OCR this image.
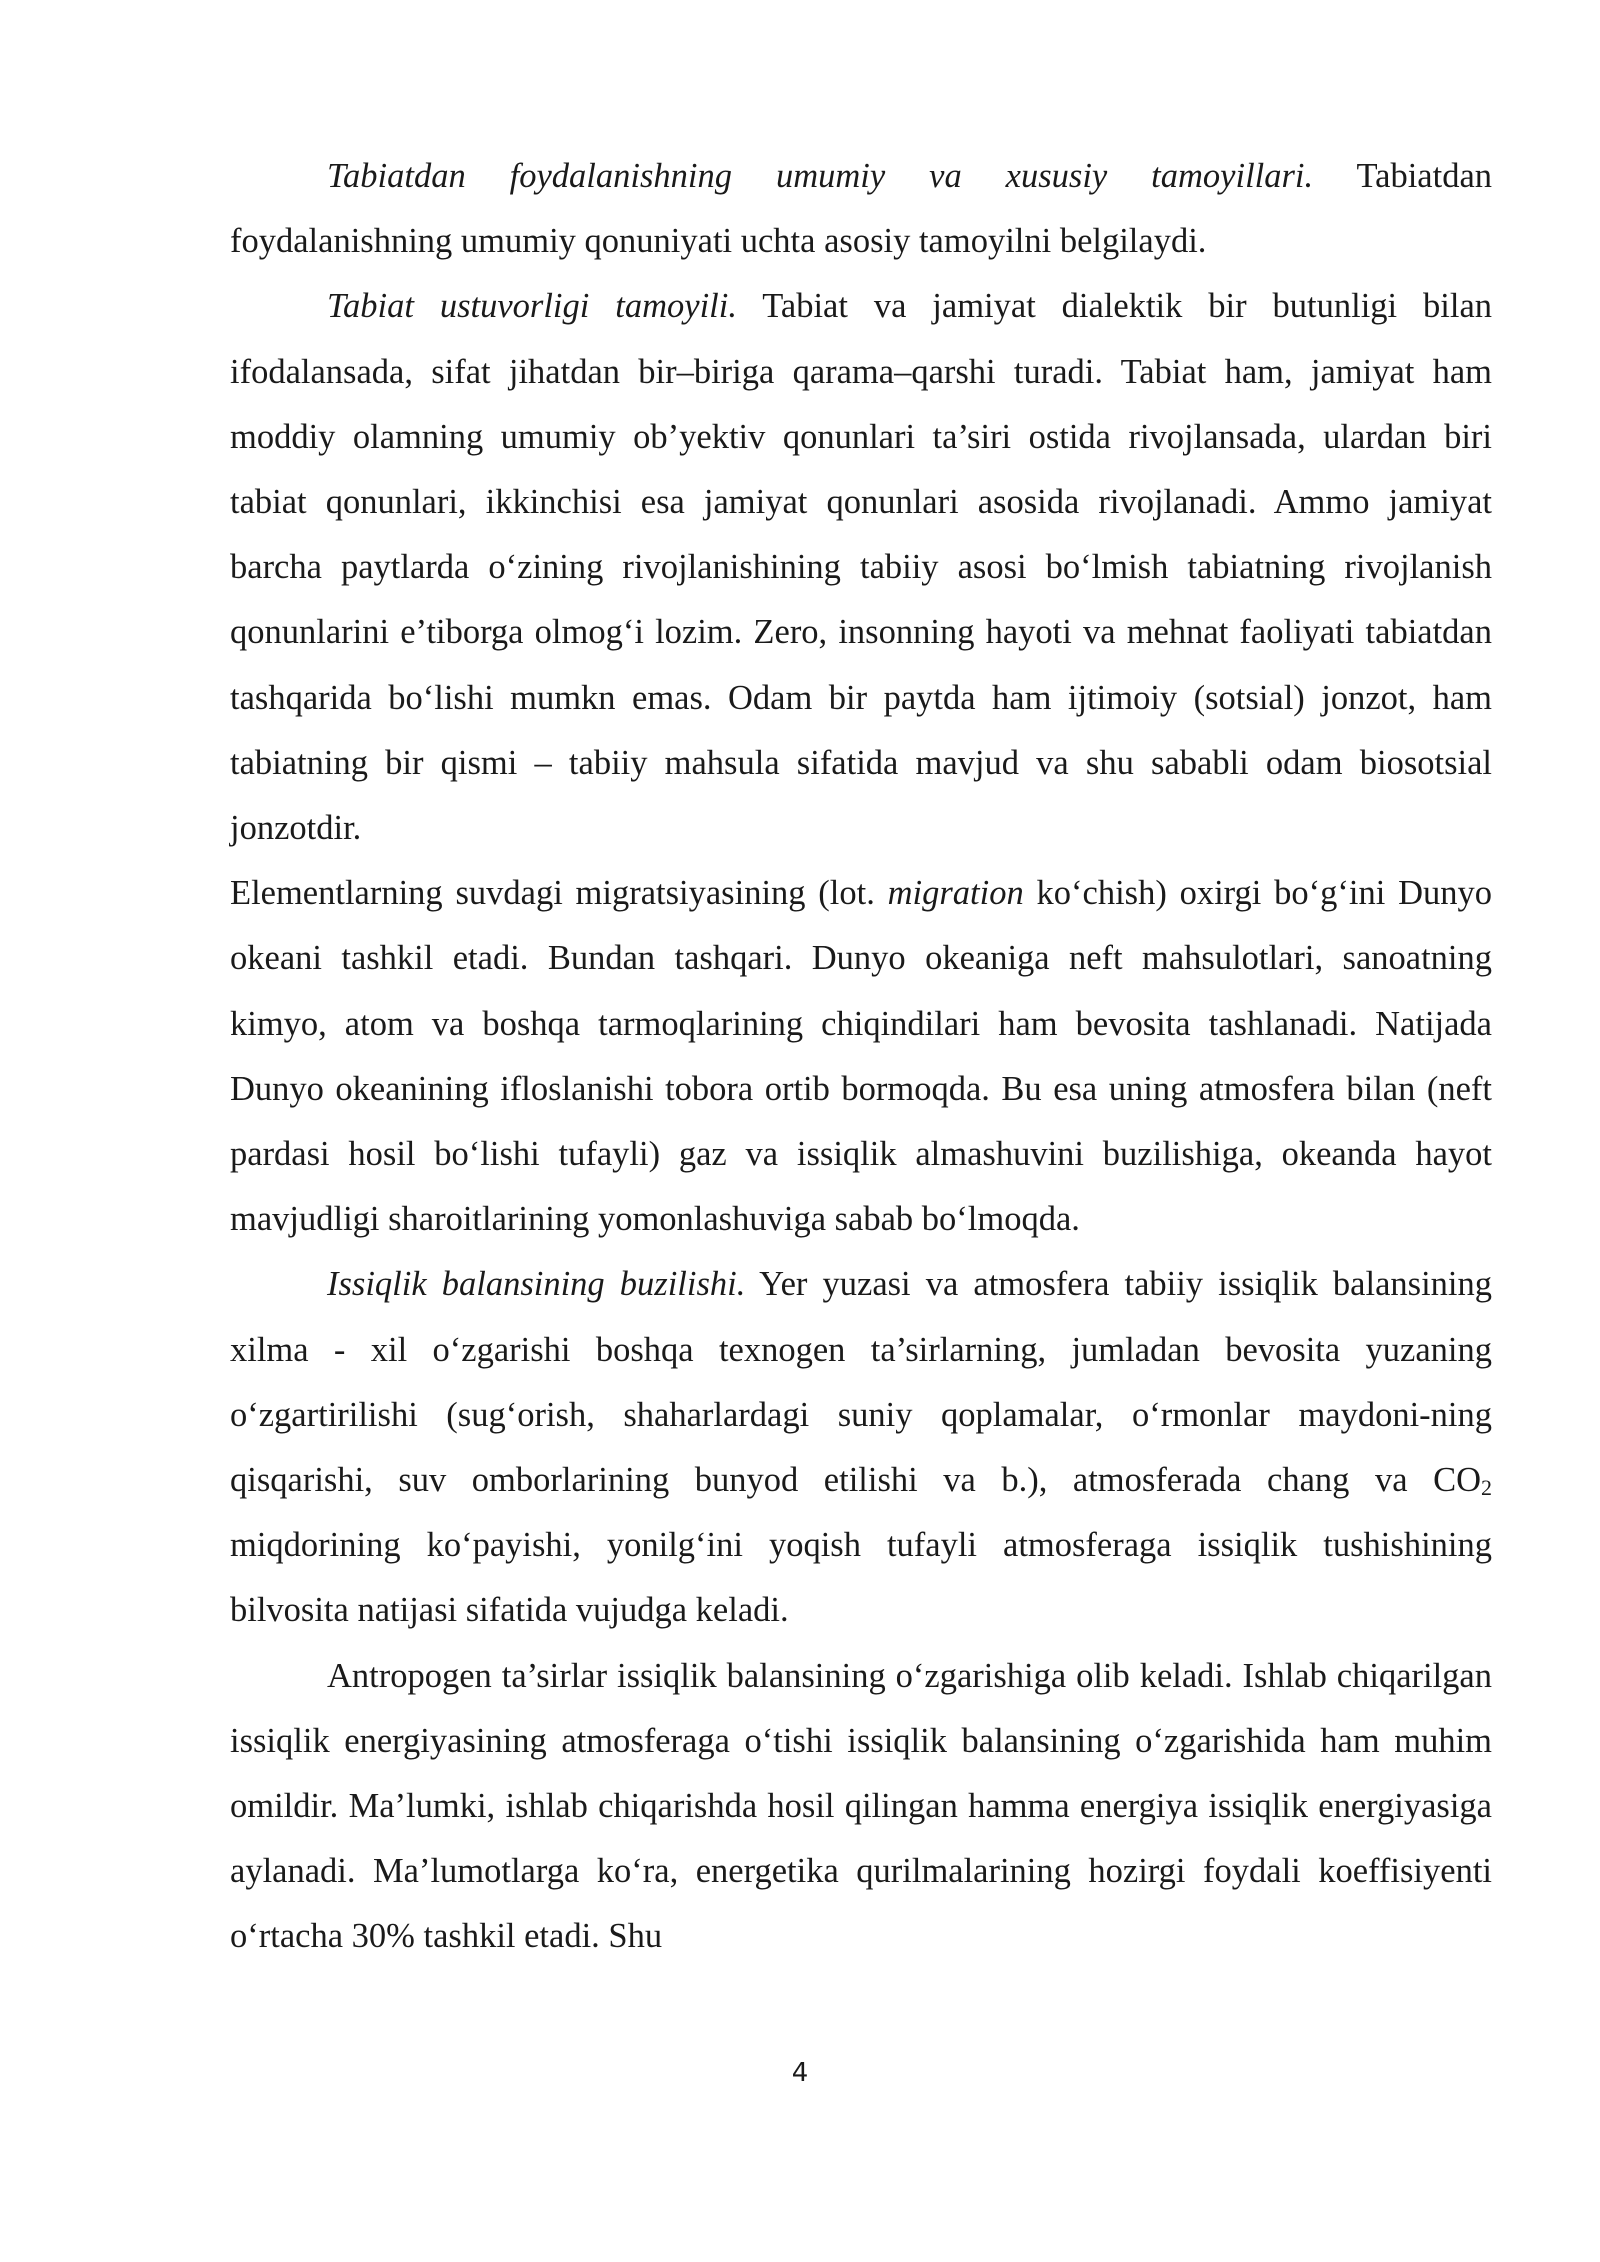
Tabiatdan foydalanishning umumiy va xususiy tamoyillari. Tabiatdan foydalanishning umumiy qonuniyati uchta asosiy tamoyilni belgilaydi.

Tabiat ustuvorligi tamoyili. Tabiat va jamiyat dialektik bir butunligi bilan ifodalansada, sifat jihatdan bir–biriga qarama–qarshi turadi. Tabiat ham, jamiyat ham moddiy olamning umumiy ob’yektiv qonunlari ta’siri ostida rivojlansada, ulardan biri tabiat qonunlari, ikkinchisi esa jamiyat qonunlari asosida rivojlanadi. Ammo jamiyat barcha paytlarda o‘zining rivojlanishining tabiiy asosi bo‘lmish tabiatning rivojlanish qonunlarini e’tiborga olmog‘i lozim. Zero, insonning hayoti va mehnat faoliyati tabiatdan tashqarida bo‘lishi mumkn emas. Odam bir paytda ham ijtimoiy (sotsial) jonzot, ham tabiatning bir qismi – tabiiy mahsula sifatida mavjud va shu sababli odam biosotsial jonzotdir.

Elementlarning suvdagi migratsiyasining (lot. migration ko‘chish) oxirgi bo‘g‘ini Dunyo okeani tashkil etadi. Bundan tashqari. Dunyo okeaniga neft mahsulotlari, sanoatning kimyo, atom va boshqa tarmoqlarining chiqindilari ham bevosita tashlanadi. Natijada Dunyo okeanining ifloslanishi tobora ortib bormoqda. Bu esa uning atmosfera bilan (neft pardasi hosil bo‘lishi tufayli) gaz va issiqlik almashuvini buzilishiga, okeanda hayot mavjudligi sharoitlarining yomonlashuviga sabab bo‘lmoqda.

Issiqlik balansining buzilishi. Yer yuzasi va atmosfera tabiiy issiqlik balansining xilma - xil o‘zgarishi boshqa texnogen ta’sirlarning, jumladan bevosita yuzaning o‘zgartirilishi (sug‘orish, shaharlardagi suniy qoplamalar, o‘rmonlar maydoni-ning qisqarishi, suv omborlarining bunyod etilishi va b.), atmosferada chang va $CO_2$ miqdorining ko‘payishi, yonilg‘ini yoqish tufayli atmosferaga issiqlik tushishining bilvosita natijasi sifatida vujudga keladi.

Antropogen ta’sirlar issiqlik balansining o‘zgarishiga olib keladi. Ishlab chiqarilgan issiqlik energiyasining atmosferaga o‘tishi issiqlik balansining o‘zgarishida ham muhim omildir. Ma’lumki, ishlab chiqarishda hosil qilingan hamma energiya issiqlik energiyasiga aylanadi. Ma’lumotlarga ko‘ra, energetika qurilmalarining hozirgi foydali koeffisiyenti o‘rtacha 30% tashkil etadi. Shu

4
